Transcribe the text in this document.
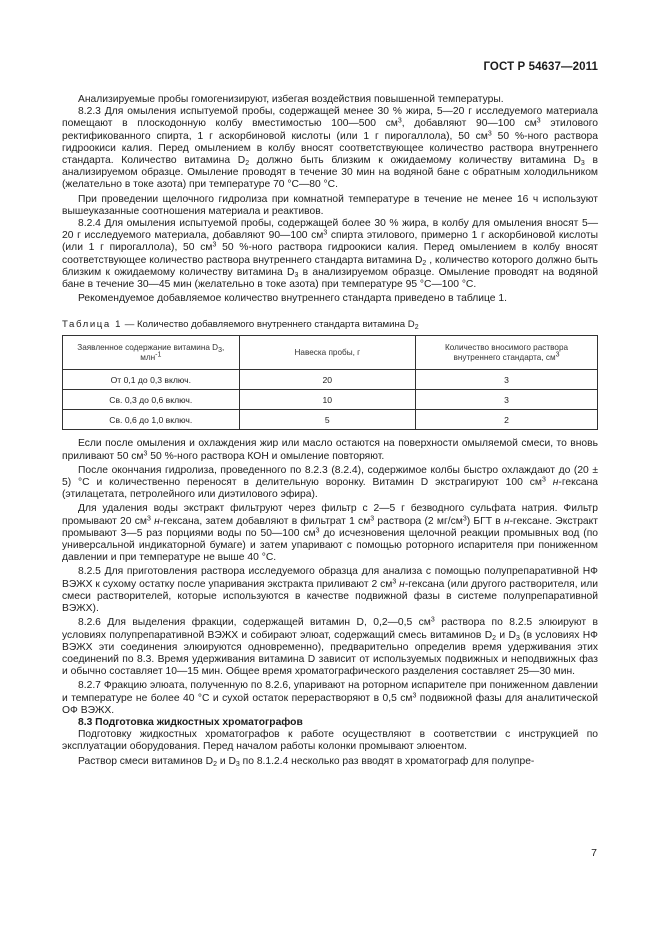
ГОСТ Р 54637—2011

Анализируемые пробы гомогенизируют, избегая воздействия повышенной температуры.

8.2.3 Для омыления испытуемой пробы, содержащей менее 30 % жира, 5—20 г исследуемого материала помещают в плоскодонную колбу вместимостью 100—500 $см^3$, добавляют 90—100 $см^3$ этилового ректификованного спирта, 1 г аскорбиновой кислоты (или 1 г пирогаллола), 50 $см^3$ 50 %-ного раствора гидроокиси калия. Перед омылением в колбу вносят соответствующее количество раствора внутреннего стандарта. Количество витамина $D_2$ должно быть близким к ожидаемому количеству витамина $D_3$ в анализируемом образце. Омыление проводят в течение 30 мин на водяной бане с обратным холодильником (желательно в токе азота) при температуре 70 °С—80 °С.

При проведении щелочного гидролиза при комнатной температуре в течение не менее 16 ч используют вышеуказанные соотношения материала и реактивов.

8.2.4 Для омыления испытуемой пробы, содержащей более 30 % жира, в колбу для омыления вносят 5—20 г исследуемого материала, добавляют 90—100 $см^3$ спирта этилового, примерно 1 г аскорбиновой кислоты (или 1 г пирогаллола), 50 $см^3$ 50 %-ного раствора гидроокиси калия. Перед омылением в колбу вносят соответствующее количество раствора внутреннего стандарта витамина $D_2$ , количество которого должно быть близким к ожидаемому количеству витамина $D_3$ в анализируемом образце. Омыление проводят на водяной бане в течение 30—45 мин (желательно в токе азота) при температуре 95 °С—100 °С.

Рекомендуемое добавляемое количество внутреннего стандарта приведено в таблице 1.

Таблица 1 — Количество добавляемого внутреннего стандарта витамина $D_2$
Заявленное содержание витамина $D_3$,
млн$^{-1}$	Навеска пробы, г	Количество вносимого раствора
внутреннего стандарта, $см^3$
От 0,1 до 0,3 включ.	20	3
Св. 0,3 до 0,6 включ.	10	3
Св. 0,6 до 1,0 включ.	5	2

Если после омыления и охлаждения жир или масло остаются на поверхности омыляемой смеси, то вновь приливают 50 $см^3$ 50 %-ного раствора КОН и омыление повторяют.

После окончания гидролиза, проведенного по 8.2.3 (8.2.4), содержимое колбы быстро охлаждают до (20 ± 5) °С и количественно переносят в делительную воронку. Витамин D экстрагируют 100 $см^3$ н-гексана (этилацетата, петролейного или диэтилового эфира).

Для удаления воды экстракт фильтруют через фильтр с 2—5 г безводного сульфата натрия. Фильтр промывают 20 $см^3$ н-гексана, затем добавляют в фильтрат 1 $см^3$ раствора (2 $мг/см^3$) БГТ в н-гексане. Экстракт промывают 3—5 раз порциями воды по 50—100 $см^3$ до исчезновения щелочной реакции промывных вод (по универсальной индикаторной бумаге) и затем упаривают с помощью роторного испарителя при пониженном давлении и при температуре не выше 40 °С.

8.2.5 Для приготовления раствора исследуемого образца для анализа с помощью полупрепаративной НФ ВЭЖХ к сухому остатку после упаривания экстракта приливают 2 $см^3$ н-гексана (или другого растворителя, или смеси растворителей, которые используются в качестве подвижной фазы в системе полупрепаративной ВЭЖХ).

8.2.6 Для выделения фракции, содержащей витамин D, 0,2—0,5 $см^3$ раствора по 8.2.5 элюируют в условиях полупрепаративной ВЭЖХ и собирают элюат, содержащий смесь витаминов $D_2$ и $D_3$ (в условиях НФ ВЭЖХ эти соединения элюируются одновременно), предварительно определив время удерживания этих соединений по 8.3. Время удерживания витамина D зависит от используемых подвижных и неподвижных фаз и обычно составляет 10—15 мин. Общее время хроматографического разделения составляет 25—30 мин.

8.2.7 Фракцию элюата, полученную по 8.2.6, упаривают на роторном испарителе при пониженном давлении и температуре не более 40 °С и сухой остаток перерастворяют в 0,5 $см^3$ подвижной фазы для аналитической ОФ ВЭЖХ.

8.3 Подготовка жидкостных хроматографов

Подготовку жидкостных хроматографов к работе осуществляют в соответствии с инструкцией по эксплуатации оборудования. Перед началом работы колонки промывают элюентом.

Раствор смеси витаминов $D_2$ и $D_3$ по 8.1.2.4 несколько раз вводят в хроматограф для полупре-

7
